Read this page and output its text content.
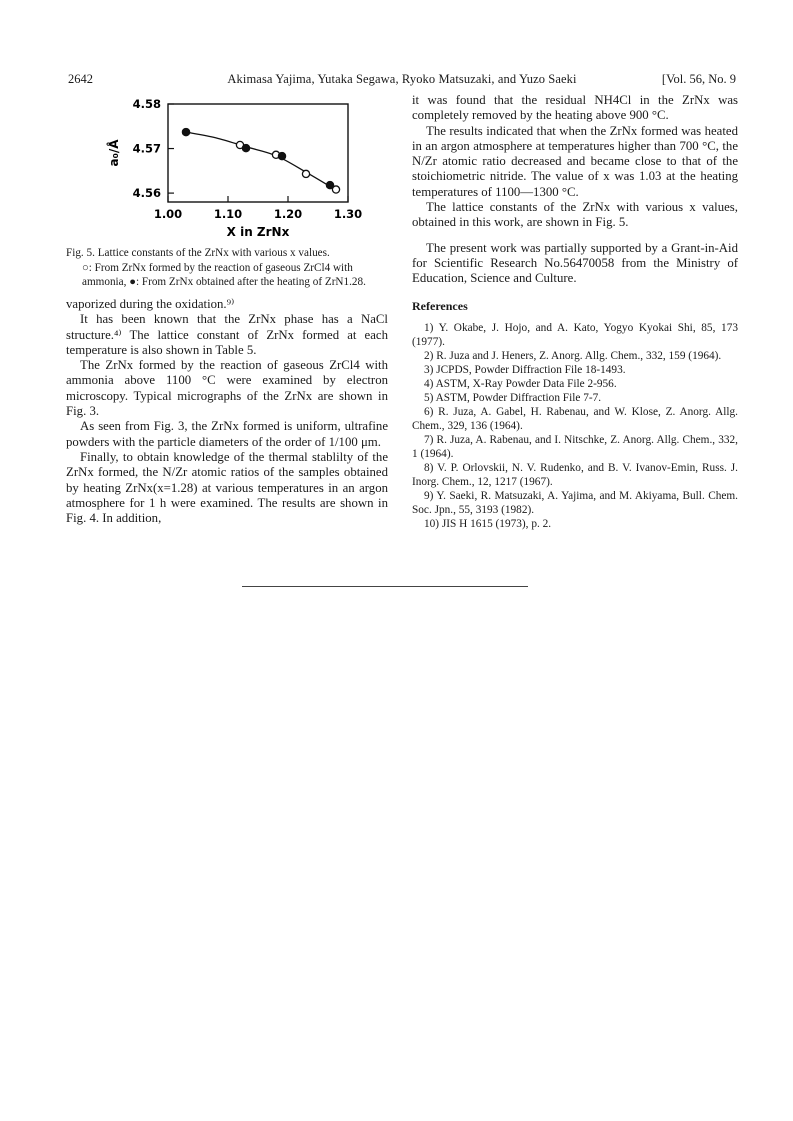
2642	Akimasa Yajima, Yutaka Segawa, Ryoko Matsuzaki, and Yuzo Saeki	[Vol. 56, No. 9
1.00	1.10	1.20	1.30
4.58
4.57
4.56
X in ZrNx
a₀/Å
Fig. 5. Lattice constants of the ZrNx with various x values.
○: From ZrNx formed by the reaction of gaseous ZrCl4 with ammonia, ●: From ZrNx obtained after the heating of ZrN1.28.
vaporized during the oxidation.⁹⁾
It has been known that the ZrNx phase has a NaCl structure.⁴⁾ The lattice constant of ZrNx formed at each temperature is also shown in Table 5.
The ZrNx formed by the reaction of gaseous ZrCl4 with ammonia above 1100 °C were examined by electron microscopy. Typical micrographs of the ZrNx are shown in Fig. 3.
As seen from Fig. 3, the ZrNx formed is uniform, ultrafine powders with the particle diameters of the order of 1/100 μm.
Finally, to obtain knowledge of the thermal stablilty of the ZrNx formed, the N/Zr atomic ratios of the samples obtained by heating ZrNx(x=1.28) at various temperatures in an argon atmosphere for 1 h were examined. The results are shown in Fig. 4. In addition,
it was found that the residual NH4Cl in the ZrNx was completely removed by the heating above 900 °C.
The results indicated that when the ZrNx formed was heated in an argon atmosphere at temperatures higher than 700 °C, the N/Zr atomic ratio decreased and became close to that of the stoichiometric nitride. The value of x was 1.03 at the heating temperatures of 1100—1300 °C.
The lattice constants of the ZrNx with various x values, obtained in this work, are shown in Fig. 5.
The present work was partially supported by a Grant-in-Aid for Scientific Research No.56470058 from the Ministry of Education, Science and Culture.
References
1) Y. Okabe, J. Hojo, and A. Kato, Yogyo Kyokai Shi, 85, 173 (1977).
2) R. Juza and J. Heners, Z. Anorg. Allg. Chem., 332, 159 (1964).
3) JCPDS, Powder Diffraction File 18-1493.
4) ASTM, X-Ray Powder Data File 2-956.
5) ASTM, Powder Diffraction File 7-7.
6) R. Juza, A. Gabel, H. Rabenau, and W. Klose, Z. Anorg. Allg. Chem., 329, 136 (1964).
7) R. Juza, A. Rabenau, and I. Nitschke, Z. Anorg. Allg. Chem., 332, 1 (1964).
8) V. P. Orlovskii, N. V. Rudenko, and B. V. Ivanov-Emin, Russ. J. Inorg. Chem., 12, 1217 (1967).
9) Y. Saeki, R. Matsuzaki, A. Yajima, and M. Akiyama, Bull. Chem. Soc. Jpn., 55, 3193 (1982).
10) JIS H 1615 (1973), p. 2.
